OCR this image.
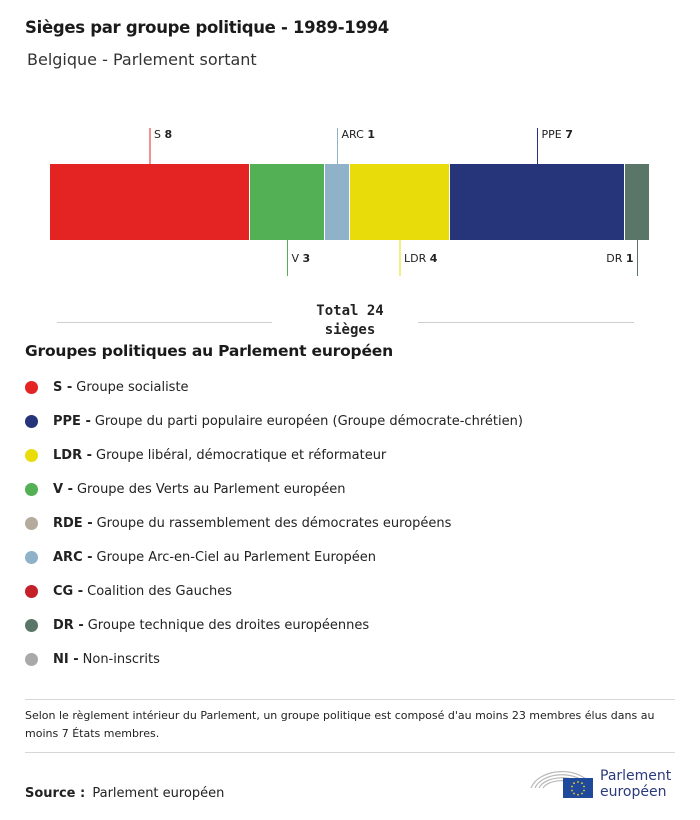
Sièges par groupe politique - 1989-1994
Belgique - Parlement sortant
S 8
V 3
ARC 1
LDR 4
PPE 7
DR 1
Total 24 sièges
Groupes politiques au Parlement européen
S - Groupe socialiste
PPE - Groupe du parti populaire européen (Groupe démocrate-chrétien)
LDR - Groupe libéral, démocratique et réformateur
V - Groupe des Verts au Parlement européen
RDE - Groupe du rassemblement des démocrates européens
ARC - Groupe Arc-en-Ciel au Parlement Européen
CG - Coalition des Gauches
DR - Groupe technique des droites européennes
NI - Non-inscrits
Selon le règlement intérieur du Parlement, un groupe politique est composé d'au moins 23 membres élus dans au moins 7 États membres.
Source : Parlement européen
Parlement
européen
